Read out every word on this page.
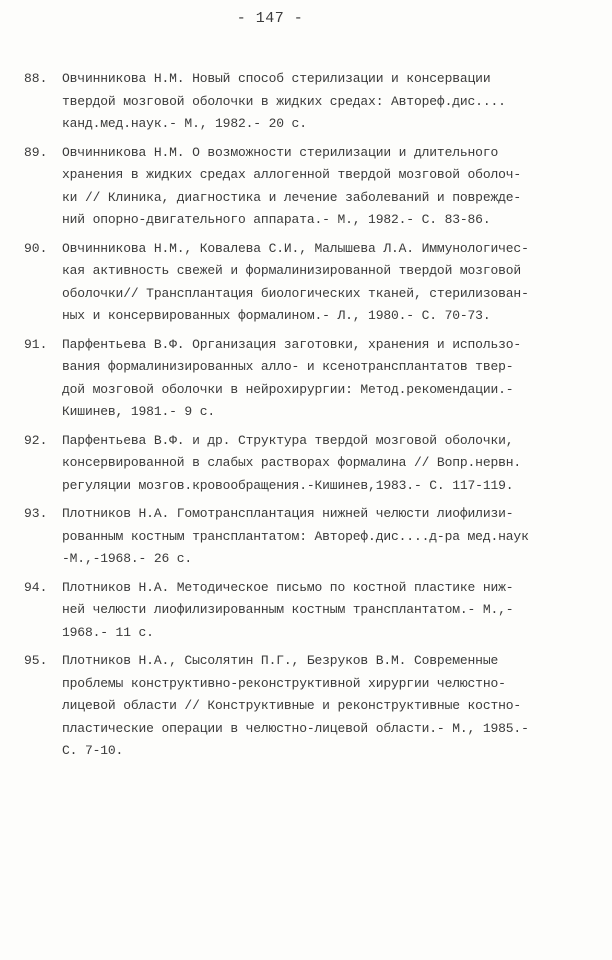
- 147 -
88. Овчинникова Н.М. Новый способ стерилизации и консервации
твердой мозговой оболочки в жидких средах: Автореф.дис....
канд.мед.наук.- М., 1982.- 20 с.
89. Овчинникова Н.М. О возможности стерилизации и длительного
хранения в жидких средах аллогенной твердой мозговой оболоч-
ки // Клиника, диагностика и лечение заболеваний и поврежде-
ний опорно-двигательного аппарата.- М., 1982.- С. 83-86.
90. Овчинникова Н.М., Ковалева С.И., Малышева Л.А. Иммунологичес-
кая активность свежей и формалинизированной твердой мозговой
оболочки// Трансплантация биологических тканей, стерилизован-
ных и консервированных формалином.- Л., 1980.- С. 70-73.
91. Парфентьева В.Ф. Организация заготовки, хранения и использо-
вания формалинизированных алло- и ксенотрансплантатов твер-
дой мозговой оболочки в нейрохирургии: Метод.рекомендации.-
Кишинев, 1981.- 9 с.
92. Парфентьева В.Ф. и др. Структура твердой мозговой оболочки,
консервированной в слабых растворах формалина // Вопр.нервн.
регуляции мозгов.кровообращения.-Кишинев,1983.- С. 117-119.
93. Плотников Н.А. Гомотрансплантация нижней челюсти лиофилизи-
рованным костным трансплантатом: Автореф.дис....д-ра мед.наук
-М.,-1968.- 26 с.
94. Плотников Н.А. Методическое письмо по костной пластике ниж-
ней челюсти лиофилизированным костным трансплантатом.- М.,-
1968.- 11 с.
95. Плотников Н.А., Сысолятин П.Г., Безруков В.М. Современные
проблемы конструктивно-реконструктивной хирургии челюстно-
лицевой области // Конструктивные и реконструктивные костно-
пластические операции в челюстно-лицевой области.- М., 1985.-
С. 7-10.
